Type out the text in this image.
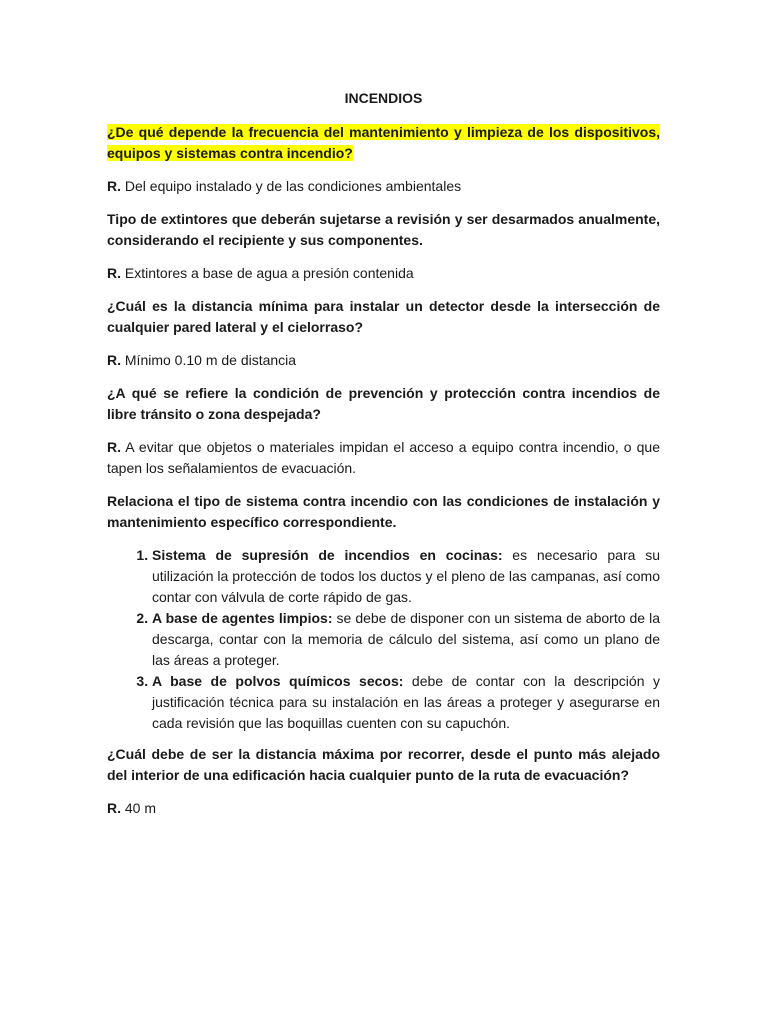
INCENDIOS

¿De qué depende la frecuencia del mantenimiento y limpieza de los dispositivos, equipos y sistemas contra incendio?

R. Del equipo instalado y de las condiciones ambientales

Tipo de extintores que deberán sujetarse a revisión y ser desarmados anualmente, considerando el recipiente y sus componentes.

R. Extintores a base de agua a presión contenida

¿Cuál es la distancia mínima para instalar un detector desde la intersección de cualquier pared lateral y el cielorraso?

R. Mínimo 0.10 m de distancia

¿A qué se refiere la condición de prevención y protección contra incendios de libre tránsito o zona despejada?

R. A evitar que objetos o materiales impidan el acceso a equipo contra incendio, o que tapen los señalamientos de evacuación.

Relaciona el tipo de sistema contra incendio con las condiciones de instalación y mantenimiento específico correspondiente.

1. Sistema de supresión de incendios en cocinas: es necesario para su utilización la protección de todos los ductos y el pleno de las campanas, así como contar con válvula de corte rápido de gas.
2. A base de agentes limpios: se debe de disponer con un sistema de aborto de la descarga, contar con la memoria de cálculo del sistema, así como un plano de las áreas a proteger.
3. A base de polvos químicos secos: debe de contar con la descripción y justificación técnica para su instalación en las áreas a proteger y asegurarse en cada revisión que las boquillas cuenten con su capuchón.

¿Cuál debe de ser la distancia máxima por recorrer, desde el punto más alejado del interior de una edificación hacia cualquier punto de la ruta de evacuación?

R. 40 m
